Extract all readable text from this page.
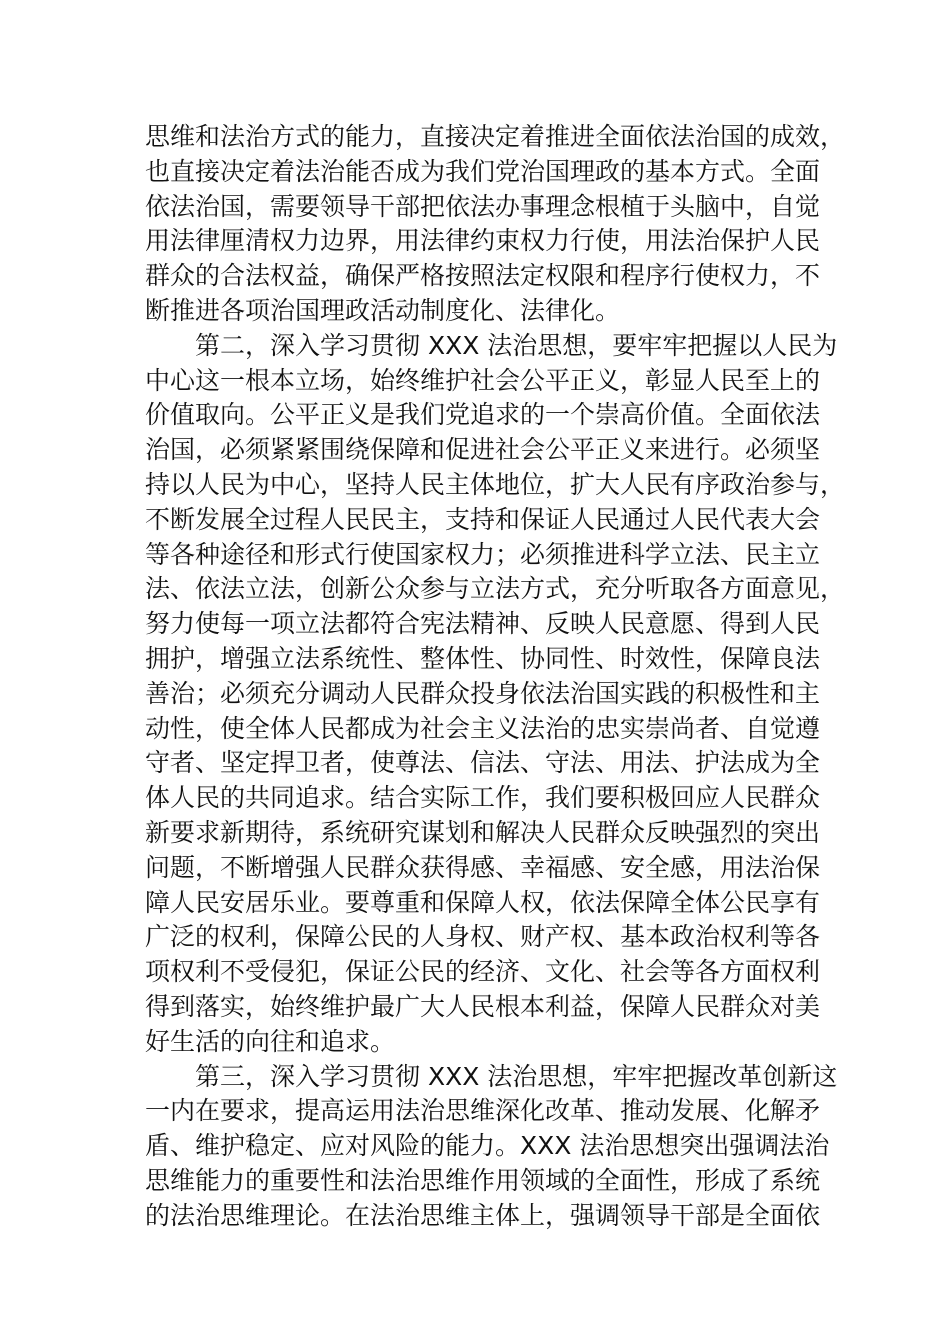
思维和法治方式的能力，直接决定着推进全面依法治国的成效，
也直接决定着法治能否成为我们党治国理政的基本方式。全面
依法治国，需要领导干部把依法办事理念根植于头脑中，自觉
用法律厘清权力边界，用法律约束权力行使，用法治保护人民
群众的合法权益，确保严格按照法定权限和程序行使权力，不
断推进各项治国理政活动制度化、法律化。
第二，深入学习贯彻 XXX 法治思想，要牢牢把握以人民为
中心这一根本立场，始终维护社会公平正义，彰显人民至上的
价值取向。公平正义是我们党追求的一个崇高价值。全面依法
治国，必须紧紧围绕保障和促进社会公平正义来进行。必须坚
持以人民为中心，坚持人民主体地位，扩大人民有序政治参与，
不断发展全过程人民民主，支持和保证人民通过人民代表大会
等各种途径和形式行使国家权力；必须推进科学立法、民主立
法、依法立法，创新公众参与立法方式，充分听取各方面意见，
努力使每一项立法都符合宪法精神、反映人民意愿、得到人民
拥护，增强立法系统性、整体性、协同性、时效性，保障良法
善治；必须充分调动人民群众投身依法治国实践的积极性和主
动性，使全体人民都成为社会主义法治的忠实崇尚者、自觉遵
守者、坚定捍卫者，使尊法、信法、守法、用法、护法成为全
体人民的共同追求。结合实际工作，我们要积极回应人民群众
新要求新期待，系统研究谋划和解决人民群众反映强烈的突出
问题，不断增强人民群众获得感、幸福感、安全感，用法治保
障人民安居乐业。要尊重和保障人权，依法保障全体公民享有
广泛的权利，保障公民的人身权、财产权、基本政治权利等各
项权利不受侵犯，保证公民的经济、文化、社会等各方面权利
得到落实，始终维护最广大人民根本利益，保障人民群众对美
好生活的向往和追求。
第三，深入学习贯彻 XXX 法治思想，牢牢把握改革创新这
一内在要求，提高运用法治思维深化改革、推动发展、化解矛
盾、维护稳定、应对风险的能力。XXX 法治思想突出强调法治
思维能力的重要性和法治思维作用领域的全面性，形成了系统
的法治思维理论。在法治思维主体上，强调领导干部是全面依
